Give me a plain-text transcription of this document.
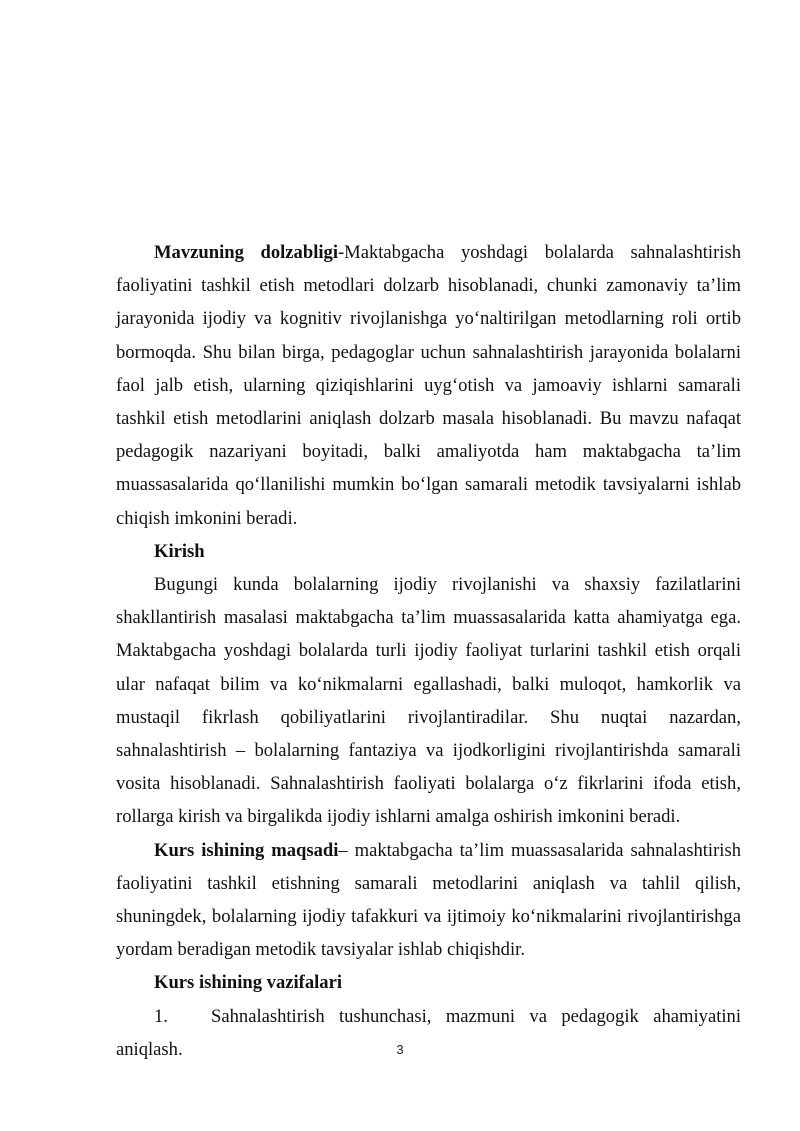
Mavzuning dolzabligi-Maktabgacha yoshdagi bolalarda sahnalashtirish faoliyatini tashkil etish metodlari dolzarb hisoblanadi, chunki zamonaviy ta’lim jarayonida ijodiy va kognitiv rivojlanishga yo‘naltirilgan metodlarning roli ortib bormoqda. Shu bilan birga, pedagoglar uchun sahnalashtirish jarayonida bolalarni faol jalb etish, ularning qiziqishlarini uyg‘otish va jamoaviy ishlarni samarali tashkil etish metodlarini aniqlash dolzarb masala hisoblanadi. Bu mavzu nafaqat pedagogik nazariyani boyitadi, balki amaliyotda ham maktabgacha ta’lim muassasalarida qo‘llanilishi mumkin bo‘lgan samarali metodik tavsiyalarni ishlab chiqish imkonini beradi.

Kirish

Bugungi kunda bolalarning ijodiy rivojlanishi va shaxsiy fazilatlarini shakllantirish masalasi maktabgacha ta’lim muassasalarida katta ahamiyatga ega. Maktabgacha yoshdagi bolalarda turli ijodiy faoliyat turlarini tashkil etish orqali ular nafaqat bilim va ko‘nikmalarni egallashadi, balki muloqot, hamkorlik va mustaqil fikrlash qobiliyatlarini rivojlantiradilar. Shu nuqtai nazardan, sahnalashtirish – bolalarning fantaziya va ijodkorligini rivojlantirishda samarali vosita hisoblanadi. Sahnalashtirish faoliyati bolalarga o‘z fikrlarini ifoda etish, rollarga kirish va birgalikda ijodiy ishlarni amalga oshirish imkonini beradi.

Kurs ishining maqsadi– maktabgacha ta’lim muassasalarida sahnalashtirish faoliyatini tashkil etishning samarali metodlarini aniqlash va tahlil qilish, shuningdek, bolalarning ijodiy tafakkuri va ijtimoiy ko‘nikmalarini rivojlantirishga yordam beradigan metodik tavsiyalar ishlab chiqishdir.

Kurs ishining vazifalari

1. Sahnalashtirish tushunchasi, mazmuni va pedagogik ahamiyatini aniqlash.	3
